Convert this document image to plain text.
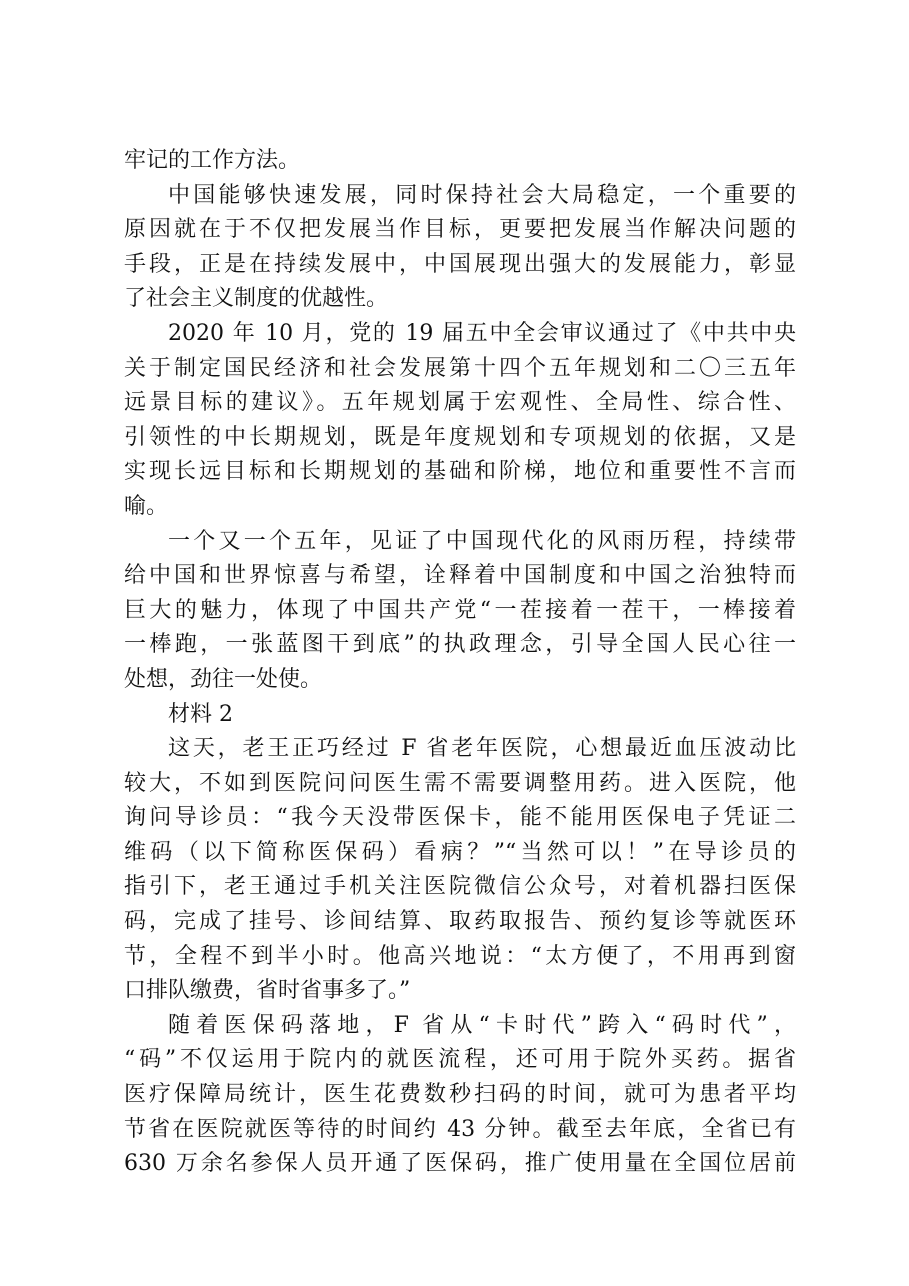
牢记的工作方法。
中国能够快速发展，同时保持社会大局稳定，一个重要的
原因就在于不仅把发展当作目标，更要把发展当作解决问题的
手段，正是在持续发展中，中国展现出强大的发展能力，彰显
了社会主义制度的优越性。
2020 年 10 月，党的 19 届五中全会审议通过了《中共中央
关于制定国民经济和社会发展第十四个五年规划和二〇三五年
远景目标的建议》。五年规划属于宏观性、全局性、综合性、
引领性的中长期规划，既是年度规划和专项规划的依据，又是
实现长远目标和长期规划的基础和阶梯，地位和重要性不言而
喻。
一个又一个五年，见证了中国现代化的风雨历程，持续带
给中国和世界惊喜与希望，诠释着中国制度和中国之治独特而
巨大的魅力，体现了中国共产党“一茬接着一茬干，一棒接着
一棒跑，一张蓝图干到底”的执政理念，引导全国人民心往一
处想，劲往一处使。
材料 2
这天，老王正巧经过 F 省老年医院，心想最近血压波动比
较大，不如到医院问问医生需不需要调整用药。进入医院，他
询问导诊员：“我今天没带医保卡，能不能用医保电子凭证二
维码（以下简称医保码）看病？”“当然可以！”在导诊员的
指引下，老王通过手机关注医院微信公众号，对着机器扫医保
码，完成了挂号、诊间结算、取药取报告、预约复诊等就医环
节，全程不到半小时。他高兴地说：“太方便了，不用再到窗
口排队缴费，省时省事多了。”
随着医保码落地，F 省从“卡时代”跨入“码时代”，
“码”不仅运用于院内的就医流程，还可用于院外买药。据省
医疗保障局统计，医生花费数秒扫码的时间，就可为患者平均
节省在医院就医等待的时间约 43 分钟。截至去年底，全省已有
630 万余名参保人员开通了医保码，推广使用量在全国位居前
